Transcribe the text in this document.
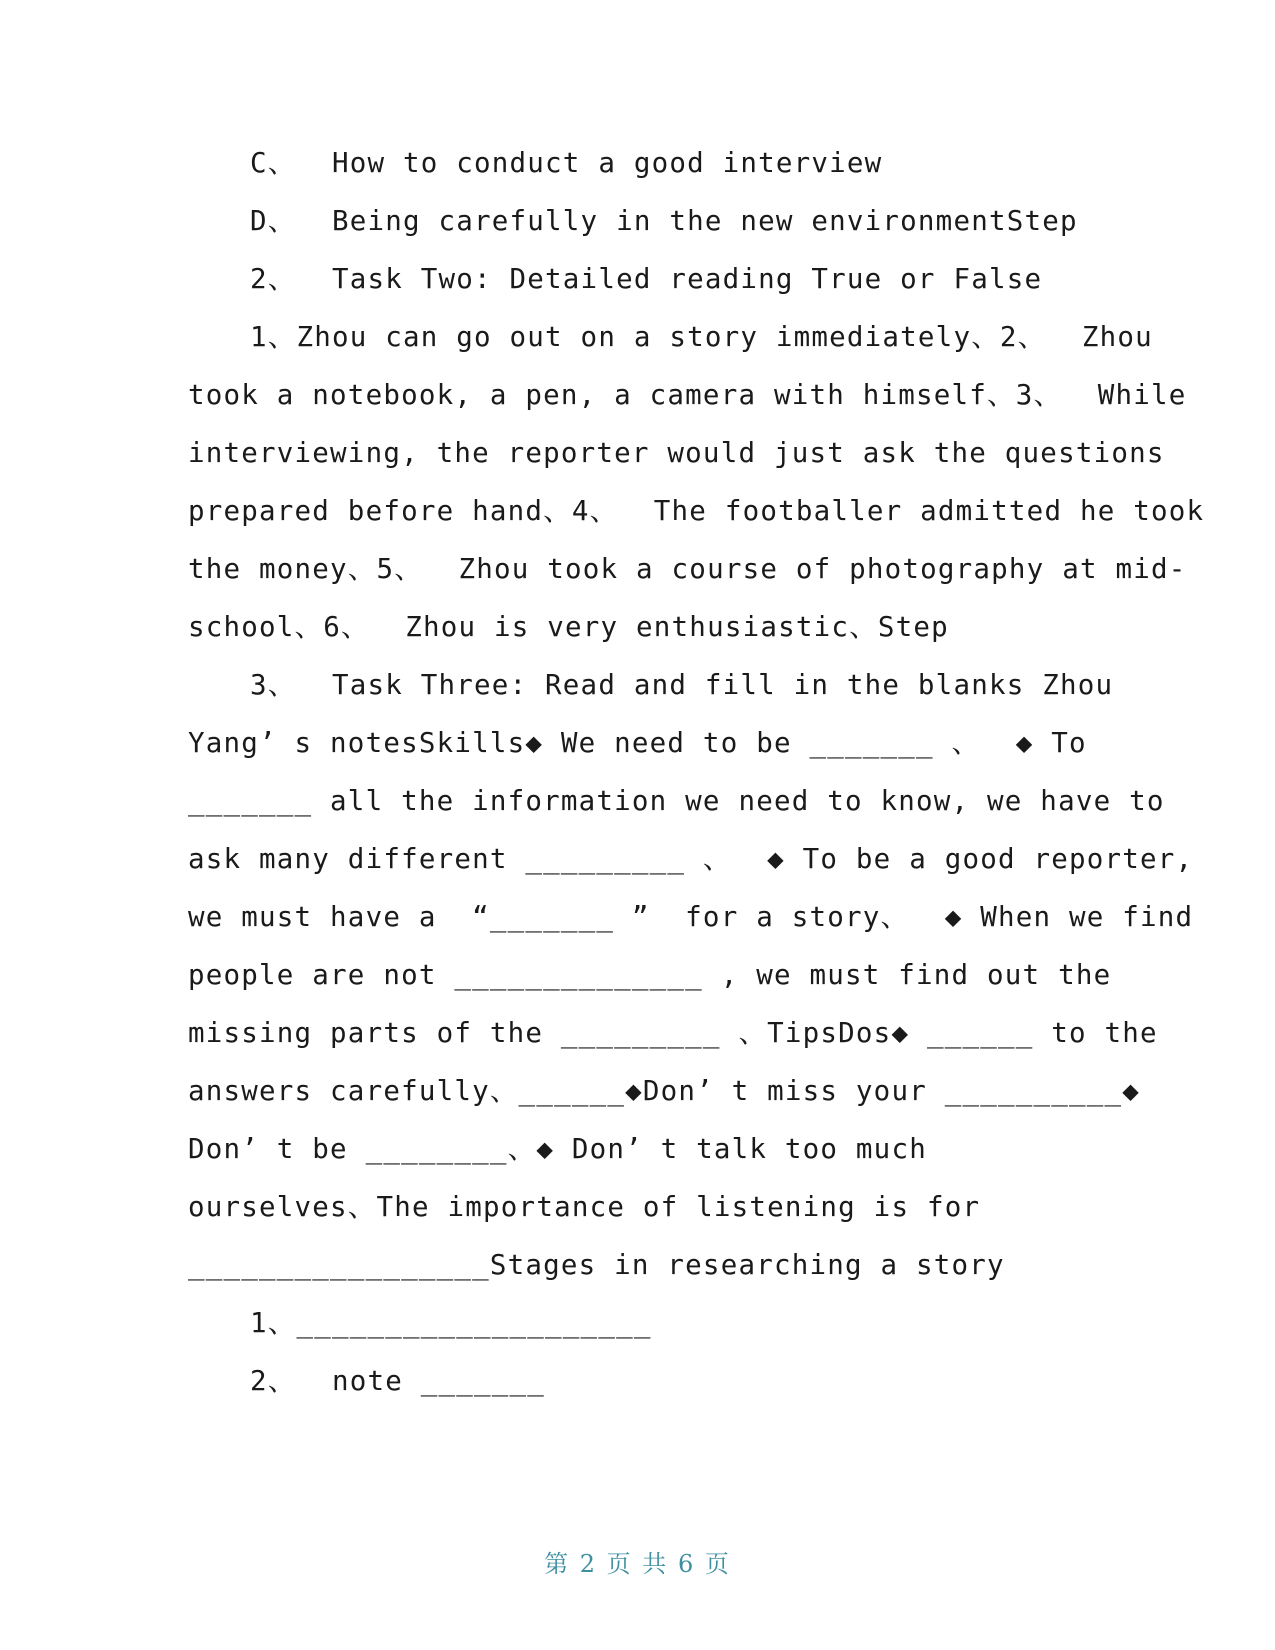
C、  How to conduct a good interview
D、  Being carefully in the new environmentStep
2、  Task Two: Detailed reading True or False
1、Zhou can go out on a story immediately、2、  Zhou
took a notebook, a pen, a camera with himself、3、  While
interviewing, the reporter would just ask the questions
prepared before hand、4、  The footballer admitted he took
the money、5、  Zhou took a course of photography at mid-
school、6、  Zhou is very enthusiastic、Step
3、  Task Three: Read and fill in the blanks Zhou
Yang’ s notesSkills◆ We need to be _______ 、  ◆ To
_______ all the information we need to know, we have to
ask many different _________ 、  ◆ To be a good reporter,
we must have a  “_______ ”  for a story、  ◆ When we find
people are not ______________ , we must find out the
missing parts of the _________ 、TipsDos◆ ______ to the
answers carefully、______◆Don’ t miss your __________◆
Don’ t be ________、◆ Don’ t talk too much
ourselves、The importance of listening is for
_________________Stages in researching a story
1、____________________
2、  note _______
第 2 页 共 6 页
